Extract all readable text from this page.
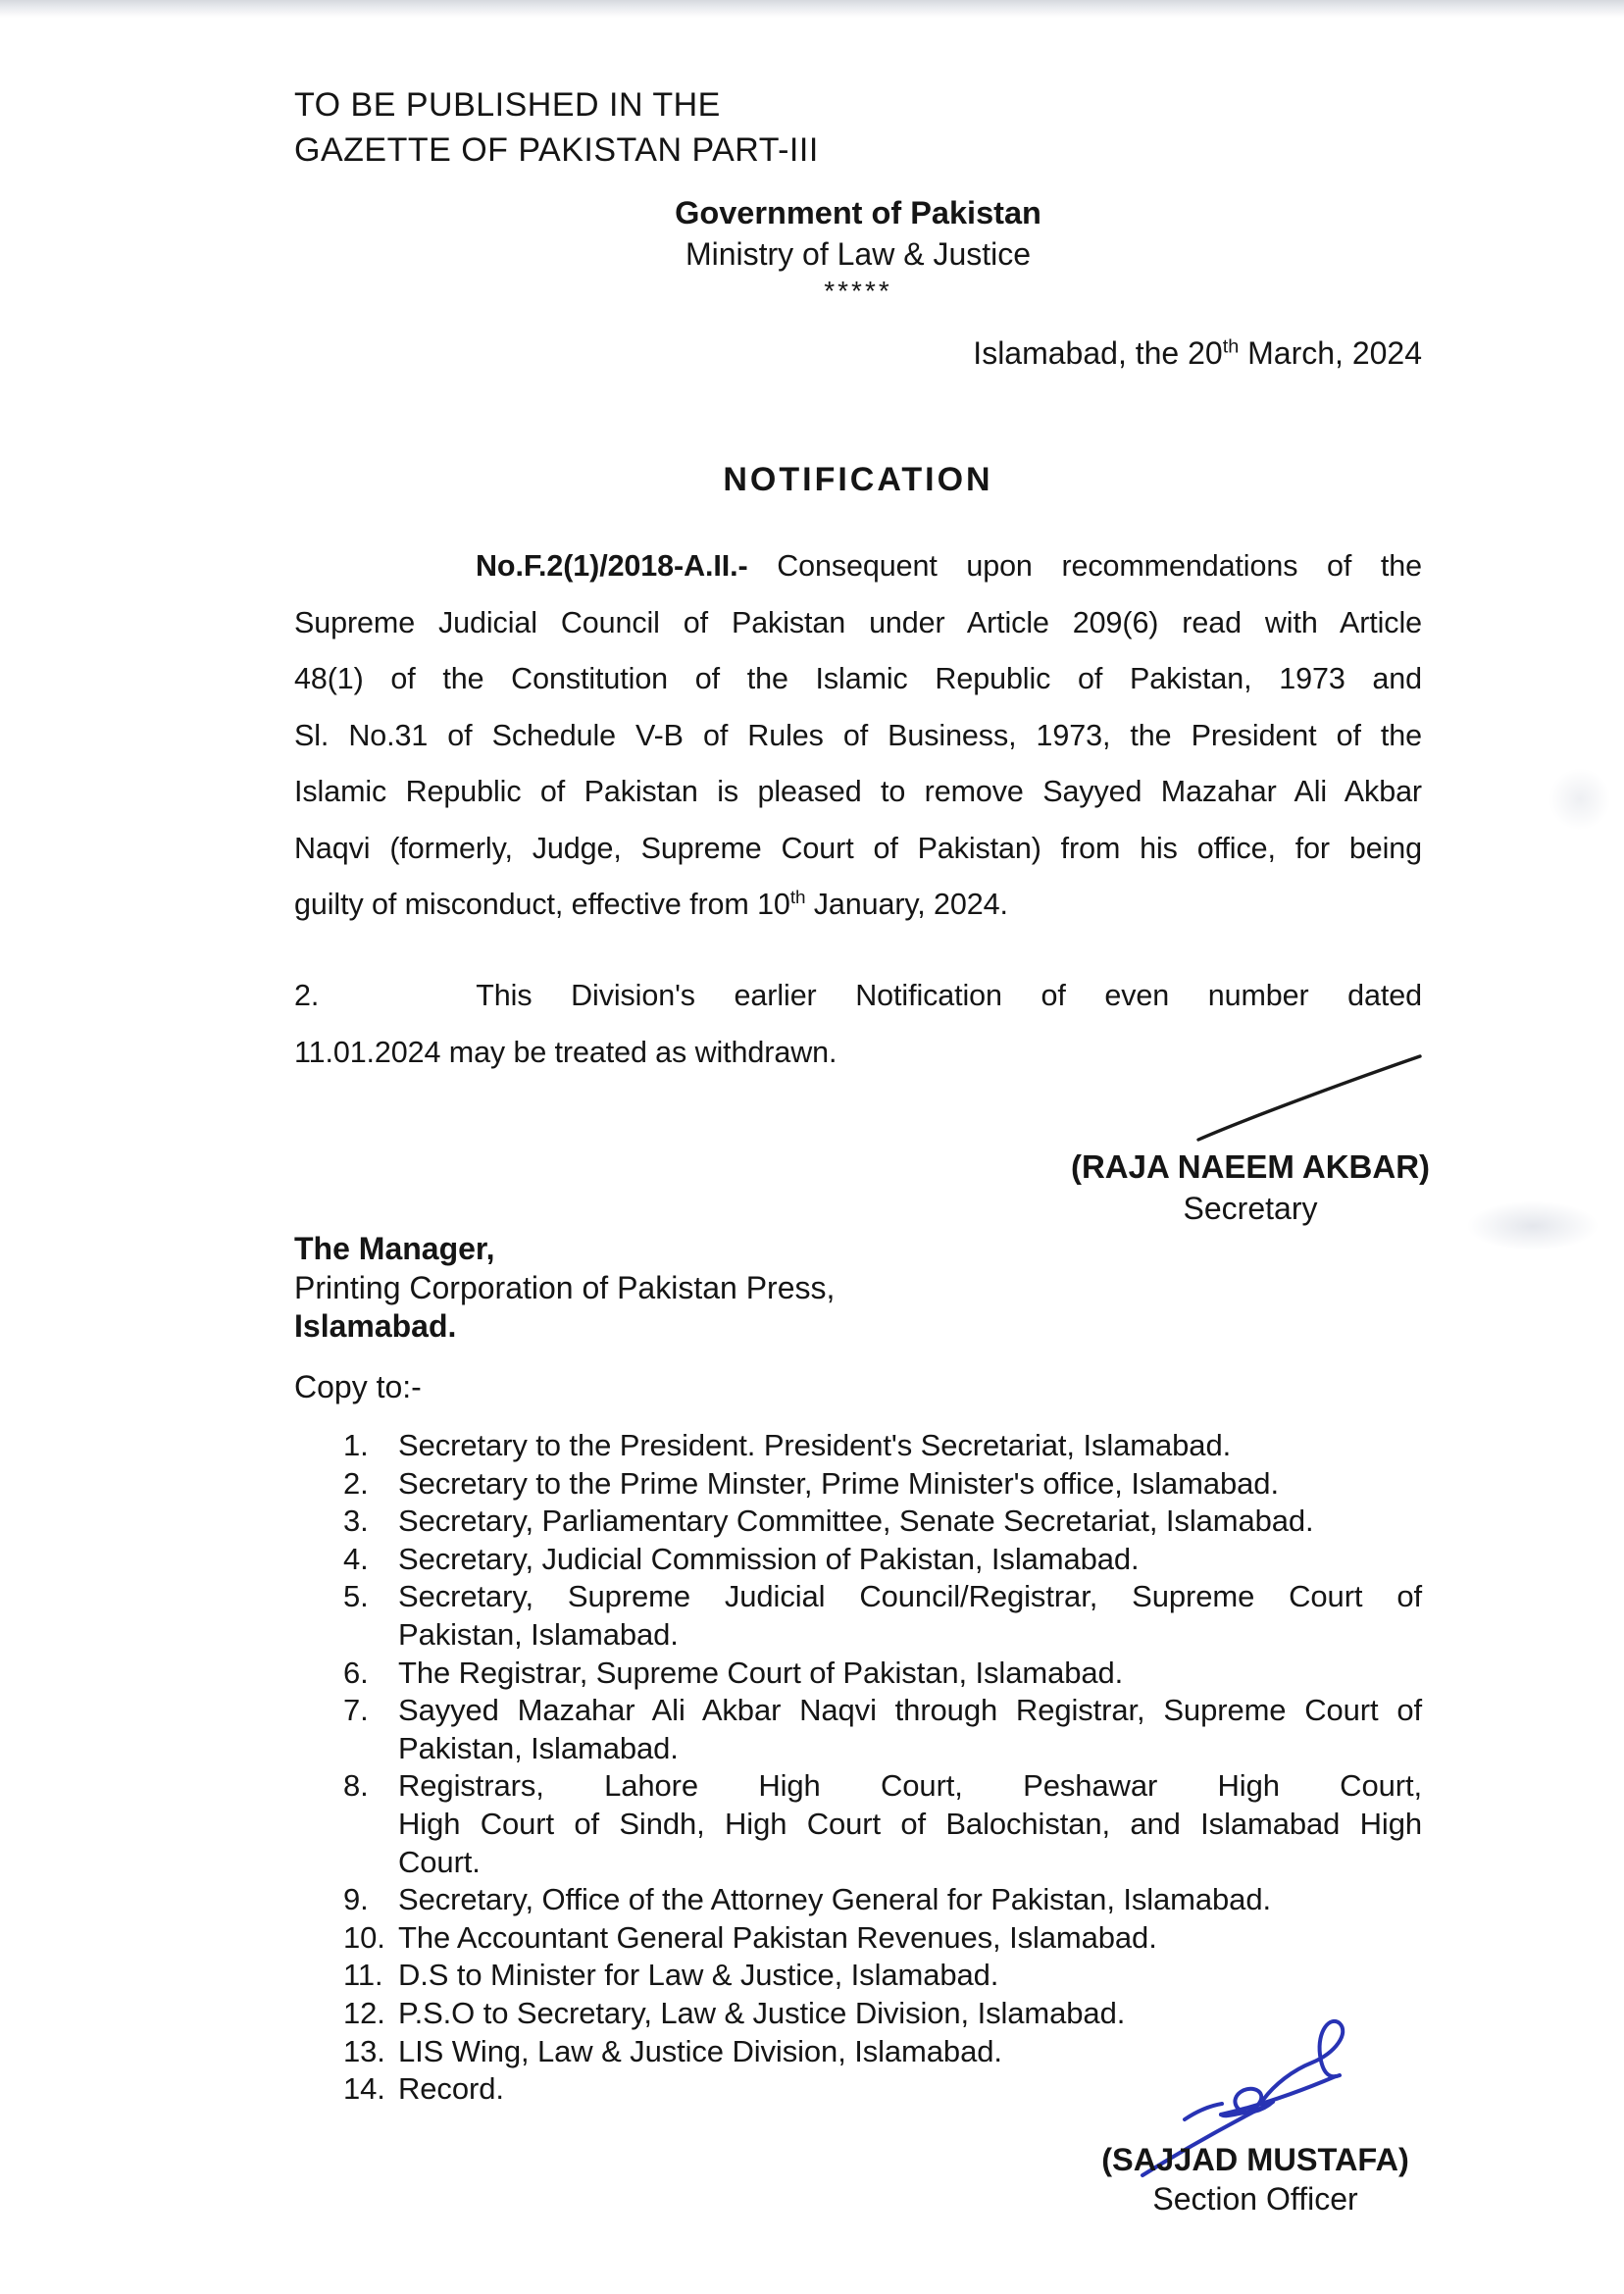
TO BE PUBLISHED IN THE
GAZETTE OF PAKISTAN PART-III
Government of Pakistan
Ministry of Law & Justice
*****
Islamabad, the 20th March, 2024
NOTIFICATION
No.F.2(1)/2018-A.II.- Consequent upon recommendations of the
Supreme Judicial Council of Pakistan under Article 209(6) read with Article
48(1) of the Constitution of the Islamic Republic of Pakistan, 1973 and
Sl. No.31 of Schedule V-B of Rules of Business, 1973, the President of the
Islamic Republic of Pakistan is pleased to remove Sayyed Mazahar Ali Akbar
Naqvi (formerly, Judge, Supreme Court of Pakistan) from his office, for being
guilty of misconduct, effective from 10th January, 2024.
2.	This Division's earlier Notification of even number dated
11.01.2024 may be treated as withdrawn.
(RAJA NAEEM AKBAR)
Secretary
The Manager,
Printing Corporation of Pakistan Press,
Islamabad.
Copy to:-
1. Secretary to the President. President's Secretariat, Islamabad.
2. Secretary to the Prime Minster, Prime Minister's office, Islamabad.
3. Secretary, Parliamentary Committee, Senate Secretariat, Islamabad.
4. Secretary, Judicial Commission of Pakistan, Islamabad.
5. Secretary, Supreme Judicial Council/Registrar, Supreme Court of
Pakistan, Islamabad.
6. The Registrar, Supreme Court of Pakistan, Islamabad.
7. Sayyed Mazahar Ali Akbar Naqvi through Registrar, Supreme Court of
Pakistan, Islamabad.
8. Registrars, Lahore High Court, Peshawar High Court,
High Court of Sindh, High Court of Balochistan, and Islamabad High
Court.
9. Secretary, Office of the Attorney General for Pakistan, Islamabad.
10. The Accountant General Pakistan Revenues, Islamabad.
11. D.S to Minister for Law & Justice, Islamabad.
12. P.S.O to Secretary, Law & Justice Division, Islamabad.
13. LIS Wing, Law & Justice Division, Islamabad.
14. Record.
(SAJJAD MUSTAFA)
Section Officer
